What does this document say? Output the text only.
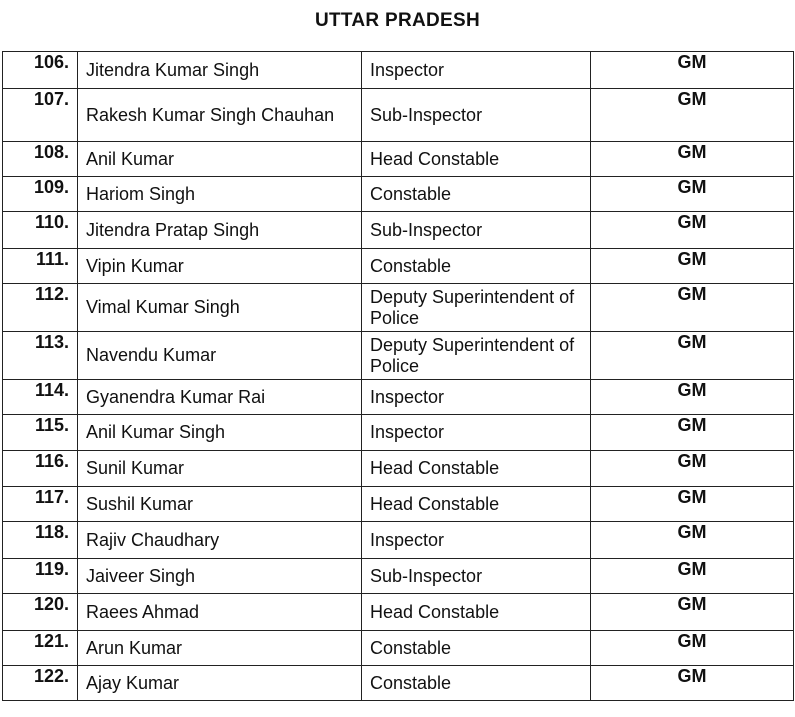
UTTAR PRADESH
106.	Jitendra Kumar Singh	Inspector	GM
107.	Rakesh Kumar Singh Chauhan	Sub-Inspector	GM
108.	Anil Kumar	Head Constable	GM
109.	Hariom Singh	Constable	GM
110.	Jitendra Pratap Singh	Sub-Inspector	GM
111.	Vipin Kumar	Constable	GM
112.	Vimal Kumar Singh	Deputy Superintendent of Police	GM
113.	Navendu Kumar	Deputy Superintendent of Police	GM
114.	Gyanendra Kumar Rai	Inspector	GM
115.	Anil Kumar Singh	Inspector	GM
116.	Sunil Kumar	Head Constable	GM
117.	Sushil Kumar	Head Constable	GM
118.	Rajiv Chaudhary	Inspector	GM
119.	Jaiveer Singh	Sub-Inspector	GM
120.	Raees Ahmad	Head Constable	GM
121.	Arun Kumar	Constable	GM
122.	Ajay Kumar	Constable	GM
